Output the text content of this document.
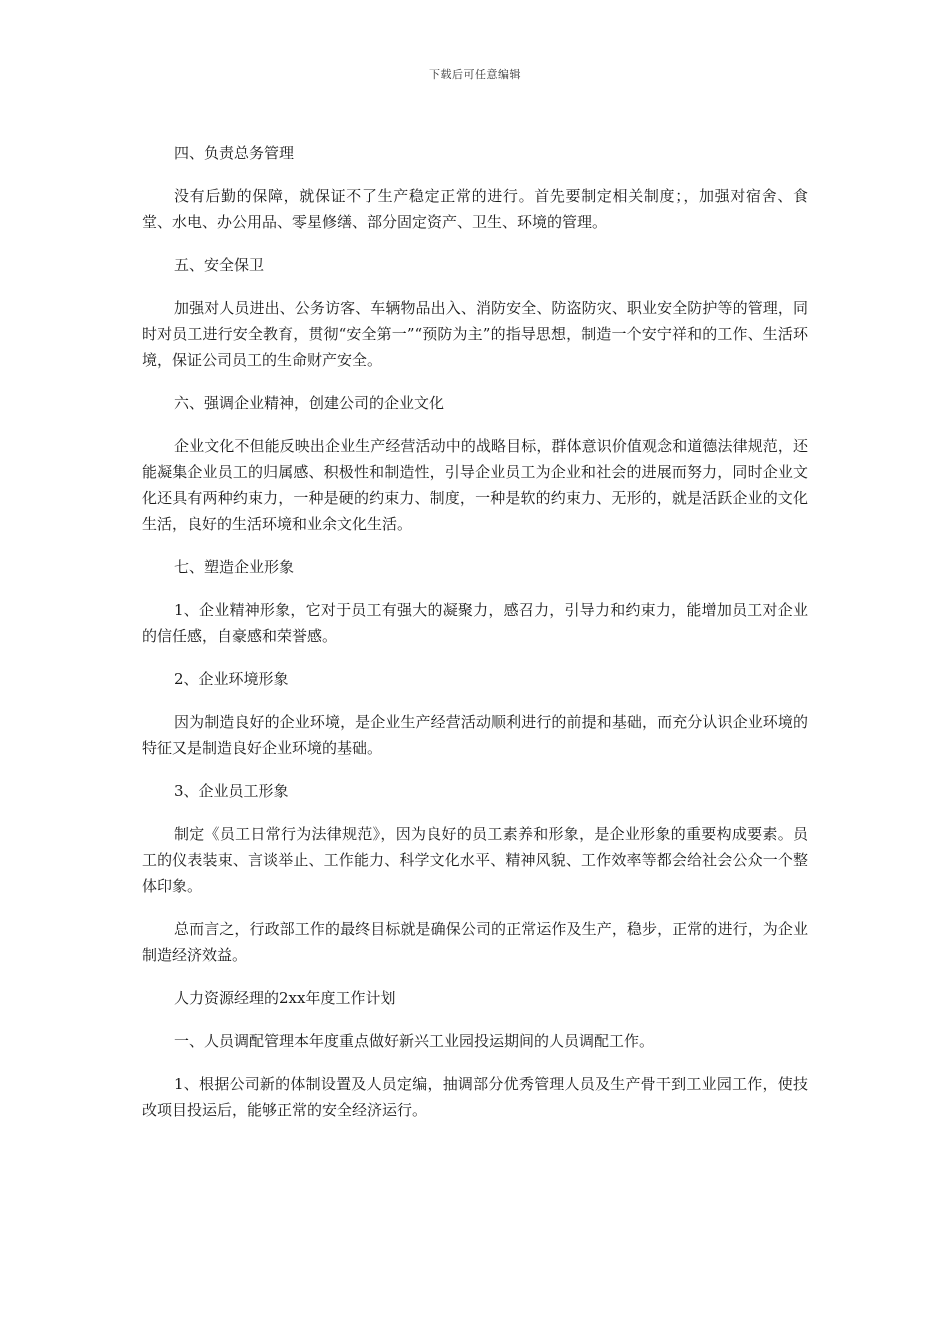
下载后可任意编辑

四、负责总务管理

没有后勤的保障，就保证不了生产稳定正常的进行。首先要制定相关制度；，加强对宿舍、食堂、水电、办公用品、零星修缮、部分固定资产、卫生、环境的管理。

五、安全保卫

加强对人员进出、公务访客、车辆物品出入、消防安全、防盗防灾、职业安全防护等的管理，同时对员工进行安全教育，贯彻“安全第一”“预防为主”的指导思想，制造一个安宁祥和的工作、生活环境，保证公司员工的生命财产安全。

六、强调企业精神，创建公司的企业文化

企业文化不但能反映出企业生产经营活动中的战略目标，群体意识价值观念和道德法律规范，还能凝集企业员工的归属感、积极性和制造性，引导企业员工为企业和社会的进展而努力，同时企业文化还具有两种约束力，一种是硬的约束力、制度，一种是软的约束力、无形的，就是活跃企业的文化生活，良好的生活环境和业余文化生活。

七、塑造企业形象

1、企业精神形象，它对于员工有强大的凝聚力，感召力，引导力和约束力，能增加员工对企业的信任感，自豪感和荣誉感。

2、企业环境形象

因为制造良好的企业环境，是企业生产经营活动顺利进行的前提和基础，而充分认识企业环境的特征又是制造良好企业环境的基础。

3、企业员工形象

制定《员工日常行为法律规范》，因为良好的员工素养和形象，是企业形象的重要构成要素。员工的仪表装束、言谈举止、工作能力、科学文化水平、精神风貌、工作效率等都会给社会公众一个整体印象。

总而言之，行政部工作的最终目标就是确保公司的正常运作及生产，稳步，正常的进行，为企业制造经济效益。

人力资源经理的2xx年度工作计划

一、人员调配管理本年度重点做好新兴工业园投运期间的人员调配工作。

1、根据公司新的体制设置及人员定编，抽调部分优秀管理人员及生产骨干到工业园工作，使技改项目投运后，能够正常的安全经济运行。
